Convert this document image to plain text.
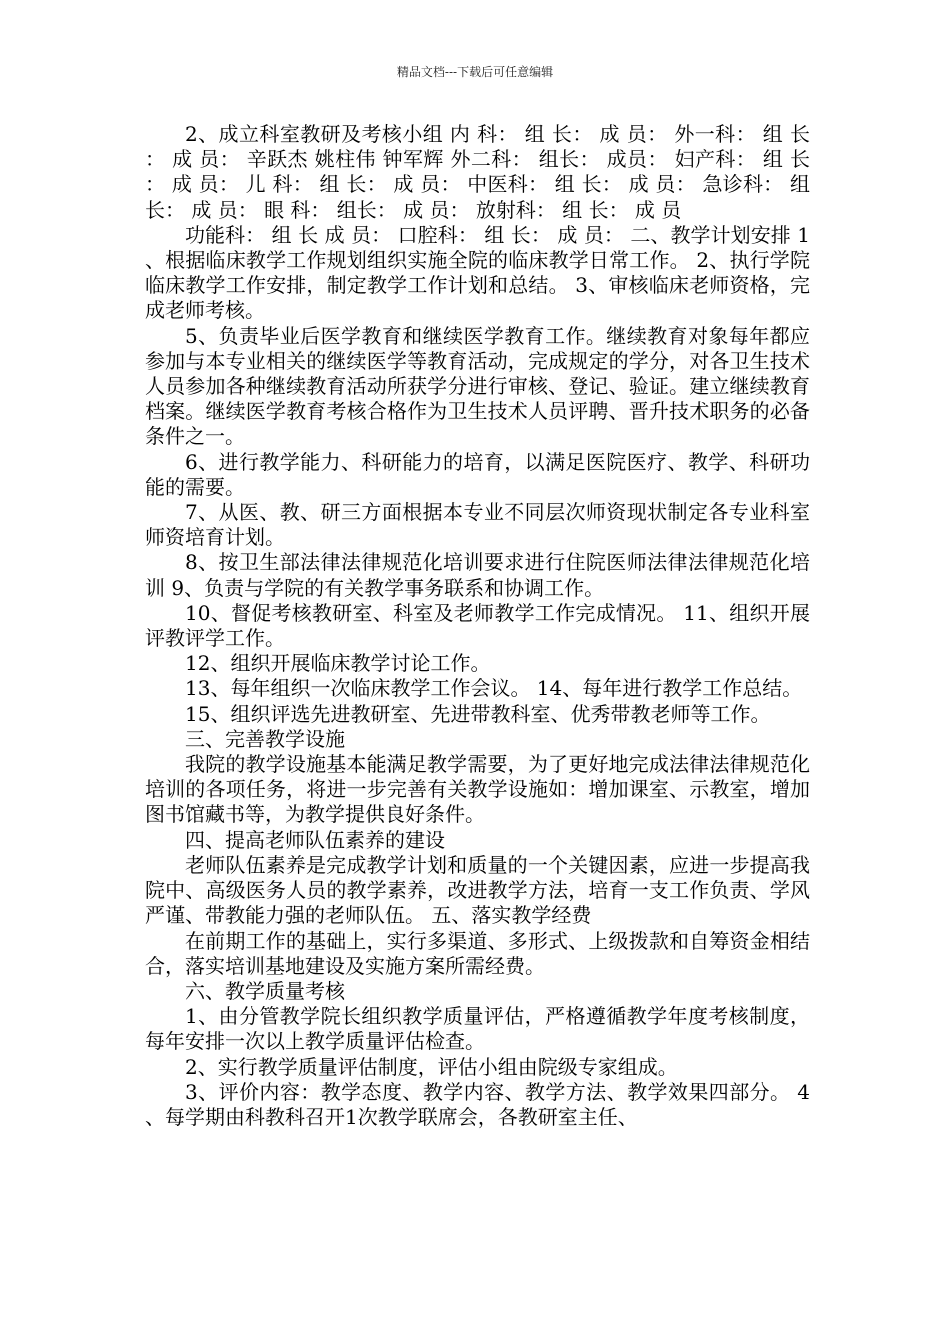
精品文档---下载后可任意编辑

2、成立科室教研及考核小组 内 科： 组 长： 成 员： 外一科： 组 长： 成 员： 辛跃杰 姚柱伟 钟军辉 外二科： 组长： 成员： 妇产科： 组 长： 成 员： 儿 科： 组 长： 成 员： 中医科： 组 长： 成 员： 急诊科： 组 长： 成 员： 眼 科： 组长： 成 员： 放射科： 组 长： 成 员

功能科： 组 长 成 员： 口腔科： 组 长： 成 员： 二、教学计划安排 1、根据临床教学工作规划组织实施全院的临床教学日常工作。 2、执行学院临床教学工作安排，制定教学工作计划和总结。 3、审核临床老师资格，完成老师考核。

5、负责毕业后医学教育和继续医学教育工作。继续教育对象每年都应参加与本专业相关的继续医学等教育活动，完成规定的学分，对各卫生技术人员参加各种继续教育活动所获学分进行审核、登记、验证。建立继续教育档案。继续医学教育考核合格作为卫生技术人员评聘、晋升技术职务的必备条件之一。

6、进行教学能力、科研能力的培育，以满足医院医疗、教学、科研功能的需要。

7、从医、教、研三方面根据本专业不同层次师资现状制定各专业科室师资培育计划。

8、按卫生部法律法律规范化培训要求进行住院医师法律法律规范化培训 9、负责与学院的有关教学事务联系和协调工作。

10、督促考核教研室、科室及老师教学工作完成情况。 11、组织开展评教评学工作。

12、组织开展临床教学讨论工作。

13、每年组织一次临床教学工作会议。 14、每年进行教学工作总结。

15、组织评选先进教研室、先进带教科室、优秀带教老师等工作。

三、完善教学设施

我院的教学设施基本能满足教学需要，为了更好地完成法律法律规范化培训的各项任务，将进一步完善有关教学设施如：增加课室、示教室，增加图书馆藏书等，为教学提供良好条件。

四、提高老师队伍素养的建设

老师队伍素养是完成教学计划和质量的一个关键因素，应进一步提高我院中、高级医务人员的教学素养，改进教学方法，培育一支工作负责、学风严谨、带教能力强的老师队伍。 五、落实教学经费

在前期工作的基础上，实行多渠道、多形式、上级拨款和自筹资金相结合，落实培训基地建设及实施方案所需经费。

六、教学质量考核

1、由分管教学院长组织教学质量评估，严格遵循教学年度考核制度，每年安排一次以上教学质量评估检查。

2、实行教学质量评估制度，评估小组由院级专家组成。

3、评价内容：教学态度、教学内容、教学方法、教学效果四部分。 4、每学期由科教科召开1次教学联席会，各教研室主任、
